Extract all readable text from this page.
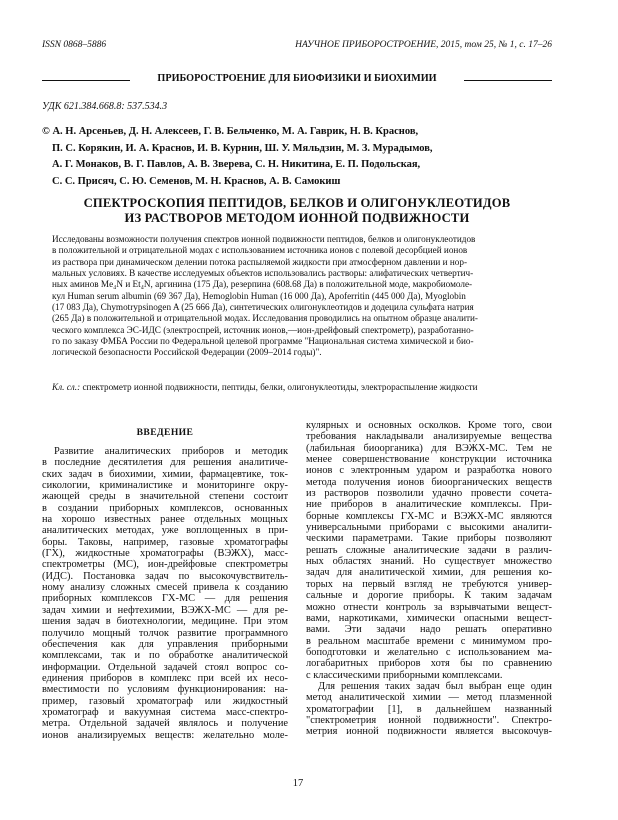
ISSN 0868–5886	НАУЧНОЕ ПРИБОРОСТРОЕНИЕ, 2015, том 25, № 1, c. 17–26
ПРИБОРОСТРОЕНИЕ ДЛЯ БИОФИЗИКИ И БИОХИМИИ
УДК 621.384.668.8: 537.534.3
© А. Н. Арсеньев, Д. Н. Алексеев, Г. В. Бельченко, М. А. Гаврик, Н. В. Краснов,
П. С. Корякин, И. А. Краснов, И. В. Курнин, Ш. У. Мяльдзин, М. З. Мурадымов,
А. Г. Монаков, В. Г. Павлов, А. В. Зверева, С. Н. Никитина, Е. П. Подольская,
С. С. Присяч, С. Ю. Семенов, М. Н. Краснов, А. В. Самокиш
СПЕКТРОСКОПИЯ ПЕПТИДОВ, БЕЛКОВ И ОЛИГОНУКЛЕОТИДОВ
ИЗ РАСТВОРОВ МЕТОДОМ ИОННОЙ ПОДВИЖНОСТИ
Исследованы возможности получения спектров ионной подвижности пептидов, белков и олигонуклеотидов
в положительной и отрицательной модах с использованием источника ионов с полевой десорбцией ионов
из раствора при динамическом делении потока распыляемой жидкости при атмосферном давлении и нор-
мальных условиях. В качестве исследуемых объектов использовались растворы: алифатических четвертич-
ных аминов Me₄N и Et₄N, аргинина (175 Да), резерпина (608.68 Да) в положительной моде, макробиомоле-
кул Human serum albumin (69 367 Да), Hemoglobin Human (16 000 Да), Apoferritin (445 000 Да), Myoglobin
(17 083 Да), Chymotrypsinogen A (25 666 Да), синтетических олигонуклеотидов и додецила сульфата натрия
(265 Да) в положительной и отрицательной модах. Исследования проводились на опытном образце аналити-
ческого комплекса ЭС-ИДС (электроспрей, источник ионов,—ион-дрейфовый спектрометр), разработанно-
го по заказу ФМБА России по Федеральной целевой программе "Национальная система химической и био-
логической безопасности Российской Федерации (2009–2014 годы)".
Кл. сл.: спектрометр ионной подвижности, пептиды, белки, олигонуклеотиды, электрораспыление жидкости
ВВЕДЕНИЕ
Развитие аналитических приборов и методик
в последние десятилетия для решения аналитиче-
ских задач в биохимии, химии, фармацевтике, ток-
сикологии, криминалистике и мониторинге окру-
жающей среды в значительной степени состоит
в создании приборных комплексов, основанных
на хорошо известных ранее отдельных мощных
аналитических методах, уже воплощенных в при-
боры. Таковы, например, газовые хроматографы
(ГХ), жидкостные хроматографы (ВЭЖХ), масс-
спектрометры (МС), ион-дрейфовые спектрометры
(ИДС). Постановка задач по высокочувствитель-
ному анализу сложных смесей привела к созданию
приборных комплексов ГХ-МС — для решения
задач химии и нефтехимии, ВЭЖХ-МС — для ре-
шения задач в биотехнологии, медицине. При этом
получило мощный толчок развитие программного
обеспечения как для управления приборными
комплексами, так и по обработке аналитической
информации. Отдельной задачей стоял вопрос со-
единения приборов в комплекс при всей их несо-
вместимости по условиям функционирования: на-
пример, газовый хроматограф или жидкостный
хроматограф и вакуумная система масс-спектро-
метра. Отдельной задачей являлось и получение
ионов анализируемых веществ: желательно моле-
кулярных и основных осколков. Кроме того, свои
требования накладывали анализируемые вещества
(лабильная биоорганика) для ВЭЖХ-МС. Тем не
менее совершенствование конструкции источника
ионов с электронным ударом и разработка нового
метода получения ионов биоорганических веществ
из растворов позволили удачно провести сочета-
ние приборов в аналитические комплексы. При-
борные комплексы ГХ-МС и ВЭЖХ-МС являются
универсальными приборами с высокими аналити-
ческими параметрами. Такие приборы позволяют
решать сложные аналитические задачи в различ-
ных областях знаний. Но существует множество
задач для аналитической химии, для решения ко-
торых на первый взгляд не требуются универ-
сальные и дорогие приборы. К таким задачам
можно отнести контроль за взрывчатыми вещест-
вами, наркотиками, химически опасными вещест-
вами. Эти задачи надо решать оперативно
в реальном масштабе времени с минимумом про-
боподготовки и желательно с использованием ма-
логабаритных приборов хотя бы по сравнению
с классическими приборными комплексами.
Для решения таких задач был выбран еще один
метод аналитической химии — метод плазменной
хроматографии [1], в дальнейшем названный
"спектрометрия ионной подвижности". Спектро-
метрия ионной подвижности является высокочув-
17
